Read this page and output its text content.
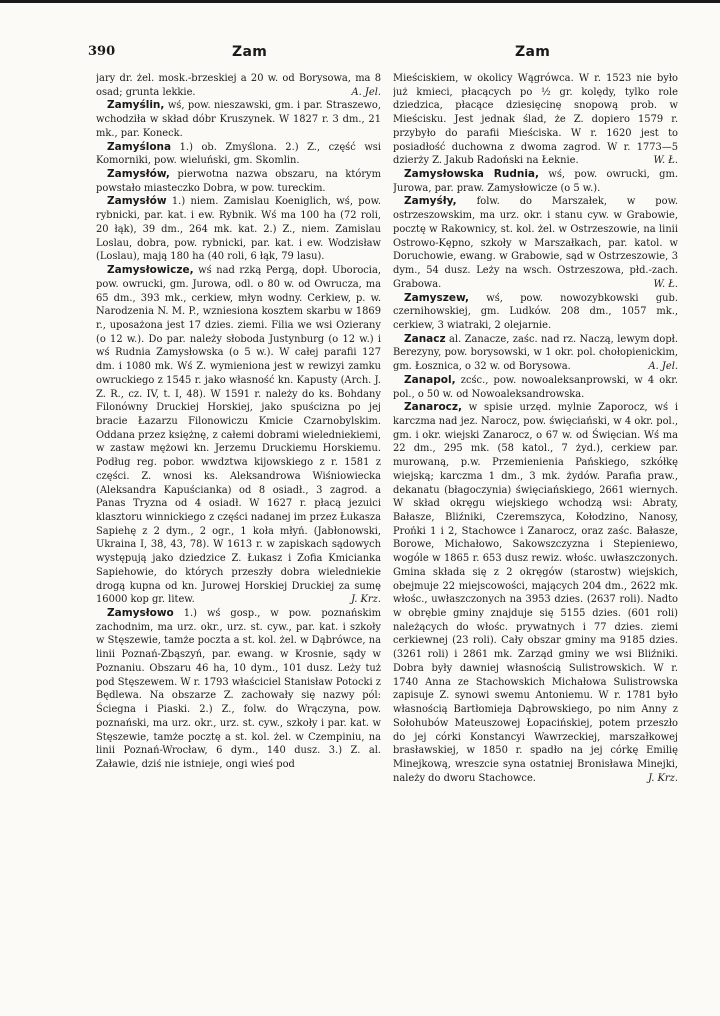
390	Zam	Zam

jary dr. żel. mosk.-brzeskiej a 20 w. od Borysowa, ma 8 osad; grunta lekkie.	A. Jel.

Zamyślin, wś, pow. nieszawski, gm. i par. Straszewo, wchodziła w skład dóbr Kruszynek. W 1827 r. 3 dm., 21 mk., par. Koneck.

Zamyślona 1.) ob. Zmyślona. 2.) Z., część wsi Komorniki, pow. wieluński, gm. Skomlin.

Zamysłów, pierwotna nazwa obszaru, na którym powstało miasteczko Dobra, w pow. tureckim.

Zamysłów 1.) niem. Zamislau Koeniglich, wś, pow. rybnicki, par. kat. i ew. Rybnik. Wś ma 100 ha (72 roli, 20 łąk), 39 dm., 264 mk. kat. 2.) Z., niem. Zamislau Loslau, dobra, pow. rybnicki, par. kat. i ew. Wodzisław (Loslau), mają 180 ha (40 roli, 6 łąk, 79 lasu).

Zamysłowicze, wś nad rzką Pergą, dopł. Uborocia, pow. owrucki, gm. Jurowa, odl. o 80 w. od Owrucza, ma 65 dm., 393 mk., cerkiew, młyn wodny. Cerkiew, p. w. Narodzenia N. M. P., wzniesiona kosztem skarbu w 1869 r., uposażona jest 17 dzies. ziemi. Filia we wsi Ozierany (o 12 w.). Do par. należy słoboda Justynburg (o 12 w.) i wś Rudnia Zamysłowska (o 5 w.). W całej parafii 127 dm. i 1080 mk. Wś Z. wymieniona jest w rewizyi zamku owruckiego z 1545 r. jako własność kn. Kapusty (Arch. J. Z. R., cz. IV, t. I, 48). W 1591 r. należy do ks. Bohdany Filonówny Druckiej Horskiej, jako spuścizna po jej bracie Łazarzu Filonowiczu Kmicie Czarnobylskim. Oddana przez księżnę, z całemi dobrami wieledniekiemi, w zastaw mężowi kn. Jerzemu Druckiemu Horskiemu. Podług reg. pobor. wwdztwa kijowskiego z r. 1581 z części. Z. wnosi ks. Aleksandrowa Wiśniowiecka (Aleksandra Kapuścianka) od 8 osiadł., 3 zagrod. a Panas Tryzna od 4 osiadł. W 1627 r. płacą jezuici klasztoru winnickiego z części nadanej im przez Łukasza Sapiehę z 2 dym., 2 ogr., 1 koła młyń. (Jabłonowski, Ukraina I, 38, 43, 78). W 1613 r. w zapiskach sądowych występują jako dziedzice Z. Łukasz i Zofia Kmicianka Sapiehowie, do których przeszły dobra wieledniekie drogą kupna od kn. Jurowej Horskiej Druckiej za sumę 16000 kop gr. litew.	J. Krz.

Zamysłowo 1.) wś gosp., w pow. poznańskim zachodnim, ma urz. okr., urz. st. cyw., par. kat. i szkoły w Stęszewie, tamże poczta a st. kol. żel. w Dąbrówce, na linii Poznań-Zbąszyń, par. ewang. w Krosnie, sądy w Poznaniu. Obszaru 46 ha, 10 dym., 101 dusz. Leży tuż pod Stęszewem. W r. 1793 właściciel Stanisław Potocki z Będlewa. Na obszarze Z. zachowały się nazwy pól: Ściegna i Piaski. 2.) Z., folw. do Wrączyna, pow. poznański, ma urz. okr., urz. st. cyw., szkoły i par. kat. w Stęszewie, tamże pocztę a st. kol. żel. w Czempiniu, na linii Poznań-Wrocław, 6 dym., 140 dusz. 3.) Z. al. Załawie, dziś nie istnieje, ongi wieś pod

Mieściskiem, w okolicy Wągrówca. W r. 1523 nie było już kmieci, płacących po ½ gr. kolędy, tylko role dziedzica, płacące dziesięcinę snopową prob. w Mieścisku. Jest jednak ślad, że Z. dopiero 1579 r. przybyło do parafii Mieściska. W r. 1620 jest to posiadłość duchowna z dwoma zagrod. W r. 1773—5 dzierży Z. Jakub Radoński na Łeknie.	W. Ł.

Zamysłowska Rudnia, wś, pow. owrucki, gm. Jurowa, par. praw. Zamysłowicze (o 5 w.).

Zamyśły, folw. do Marszałek, w pow. ostrzeszowskim, ma urz. okr. i stanu cyw. w Grabowie, pocztę w Rakownicy, st. kol. żel. w Ostrzeszowie, na linii Ostrowo-Kępno, szkoły w Marszałkach, par. katol. w Doruchowie, ewang. w Grabowie, sąd w Ostrzeszowie, 3 dym., 54 dusz. Leży na wsch. Ostrzeszowa, płd.-zach. Grabowa.	W. Ł.

Zamyszew, wś, pow. nowozybkowski gub. czernihowskiej, gm. Ludków. 208 dm., 1057 mk., cerkiew, 3 wiatraki, 2 olejarnie.

Zanacz al. Zanacze, zaśc. nad rz. Naczą, lewym dopł. Berezyny, pow. borysowski, w 1 okr. pol. chołopienickim, gm. Łosznica, o 32 w. od Borysowa.	A. Jel.

Zanapol, zcśc., pow. nowoaleksanprowski, w 4 okr. pol., o 50 w. od Nowoaleksandrowska.

Zanarocz, w spisie urzęd. mylnie Zaporocz, wś i karczma nad jez. Narocz, pow. święciański, w 4 okr. pol., gm. i okr. wiejski Zanarocz, o 67 w. od Święcian. Wś ma 22 dm., 295 mk. (58 katol., 7 żyd.), cerkiew par. murowaną, p.w. Przemienienia Pańskiego, szkółkę wiejską; karczma 1 dm., 3 mk. żydów. Parafia praw., dekanatu (błagoczynia) święciańskiego, 2661 wiernych. W skład okręgu wiejskiego wchodzą wsi: Abraty, Bałasze, Bliźniki, Czeremszyca, Kołodzino, Nanosy, Prońki 1 i 2, Stachowce i Zanarocz, oraz zaśc. Bałasze, Borowe, Michałowo, Sakowszczyzna i Stepieniewo, wogóle w 1865 r. 653 dusz rewiz. włośc. uwłaszczonych. Gmina składa się z 2 okręgów (starostw) wiejskich, obejmuje 22 miejscowości, mających 204 dm., 2622 mk. włośc., uwłaszczonych na 3953 dzies. (2637 roli). Nadto w obrębie gminy znajduje się 5155 dzies. (601 roli) należących do włośc. prywatnych i 77 dzies. ziemi cerkiewnej (23 roli). Cały obszar gminy ma 9185 dzies. (3261 roli) i 2861 mk. Zarząd gminy we wsi Bliźniki. Dobra były dawniej własnością Sulistrowskich. W r. 1740 Anna ze Stachowskich Michałowa Sulistrowska zapisuje Z. synowi swemu Antoniemu. W r. 1781 było własnością Bartłomieja Dąbrowskiego, po nim Anny z Sołohubów Mateuszowej Łopacińskiej, potem przeszło do jej córki Konstancyi Wawrzeckiej, marszałkowej brasławskiej, w 1850 r. spadło na jej córkę Emilię Minejkową, wreszcie syna ostatniej Bronisława Minejki, należy do dworu Stachowce.	J. Krz.
